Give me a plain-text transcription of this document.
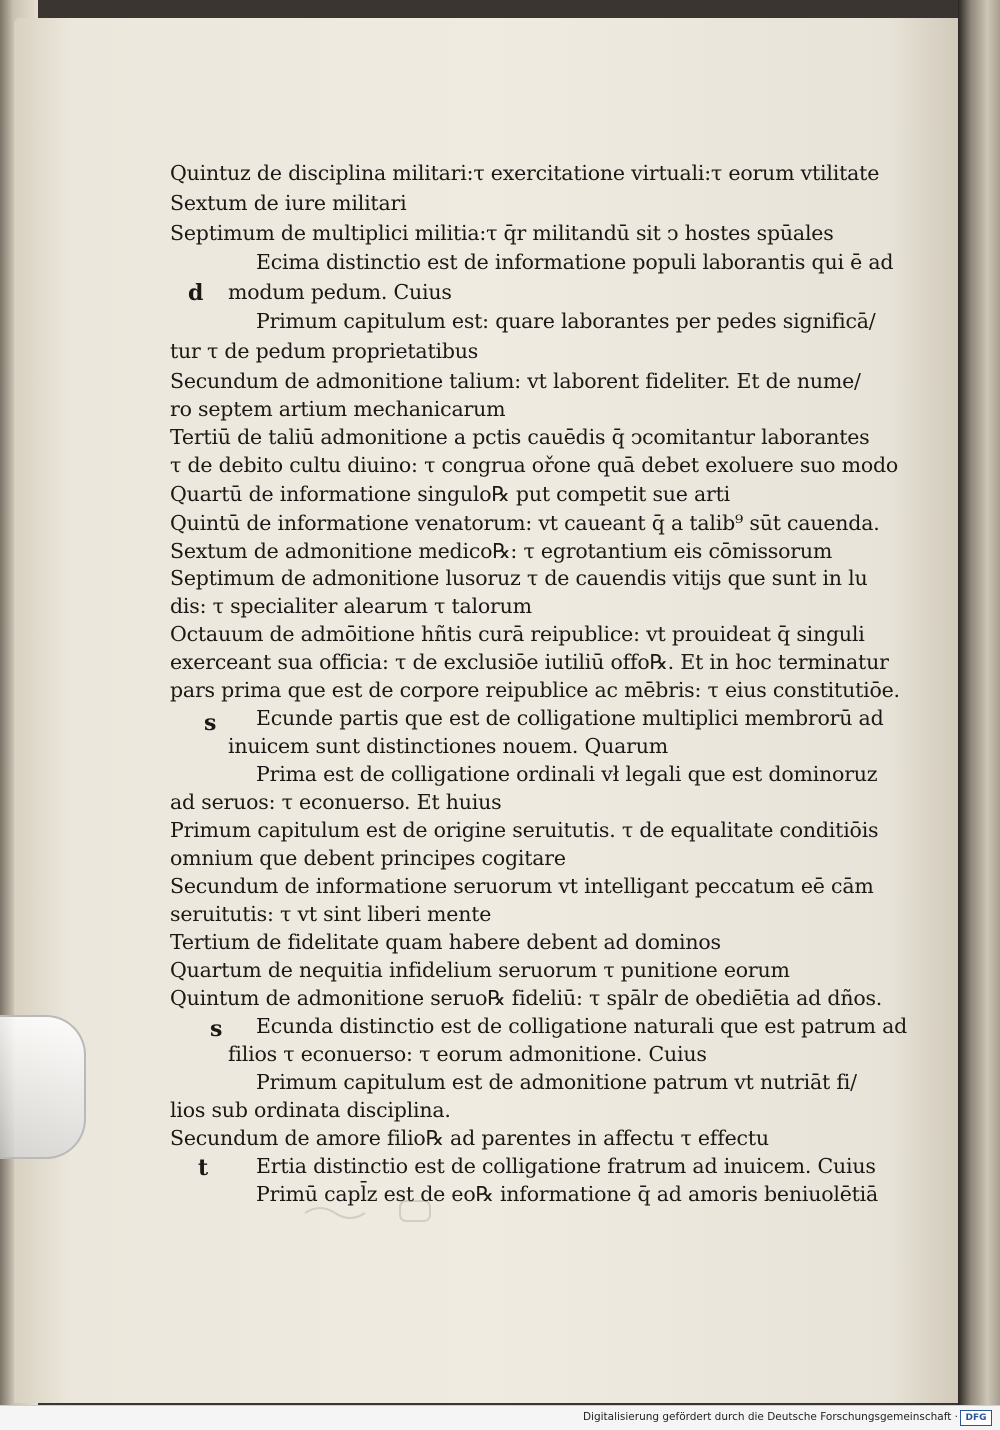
Quintuz de disciplina militari:τ exercitatione virtuali:τ eorum vtilitate
Sextum de iure militari
Septimum de multiplici militia:τ q̄r militandū sit ↄ hostes spūales
Ecima distinctio est de informatione populi laborantis qui ē ad
modum pedum. Cuius
Primum capitulum est: quare laborantes per pedes significā/
tur τ de pedum proprietatibus
Secundum de admonitione talium: vt laborent fideliter. Et de nume/
ro septem artium mechanicarum
Tertiū de taliū admonitione a pctis cauēdis q̄ ↄcomitantur laborantes
τ de debito cultu diuino: τ congrua ořone quā debet exoluere suo modo
Quartū de informatione singulo℞ put competit sue arti
Quintū de informatione venatorum: vt caueant q̄ a talib⁹ sūt cauenda.
Sextum de admonitione medico℞: τ egrotantium eis cōmissorum
Septimum de admonitione lusoruz τ de cauendis vitijs que sunt in lu
dis: τ specialiter alearum τ talorum
Octauum de admōitione hñtis curā reipublice: vt prouideat q̄ singuli
exerceant sua officia: τ de exclusiōe iutiliū offo℞. Et in hoc terminatur
pars prima que est de corpore reipublice ac mēbris: τ eius constitutiōe.
Ecunde partis que est de colligatione multiplici membrorū ad
inuicem sunt distinctiones nouem. Quarum
Prima est de colligatione ordinali vł legali que est dominoruz
ad seruos: τ econuerso. Et huius
Primum capitulum est de origine seruitutis. τ de equalitate conditiōis
omnium que debent principes cogitare
Secundum de informatione seruorum vt intelligant peccatum eē cām
seruitutis: τ vt sint liberi mente
Tertium de fidelitate quam habere debent ad dominos
Quartum de nequitia infidelium seruorum τ punitione eorum
Quintum de admonitione seruo℞ fideliū: τ spālr de obediētia ad dños.
Ecunda distinctio est de colligatione naturali que est patrum ad
filios τ econuerso: τ eorum admonitione. Cuius
Primum capitulum est de admonitione patrum vt nutriāt fi/
lios sub ordinata disciplina.
Secundum de amore filio℞ ad parentes in affectu τ effectu
Ertia distinctio est de colligatione fratrum ad inuicem. Cuius
Primū capl̄z est de eo℞ informatione q̄ ad amoris beniuolētiā
d
s
s
t
Digitalisierung gefördert durch die Deutsche Forschungsgemeinschaft · DFG
